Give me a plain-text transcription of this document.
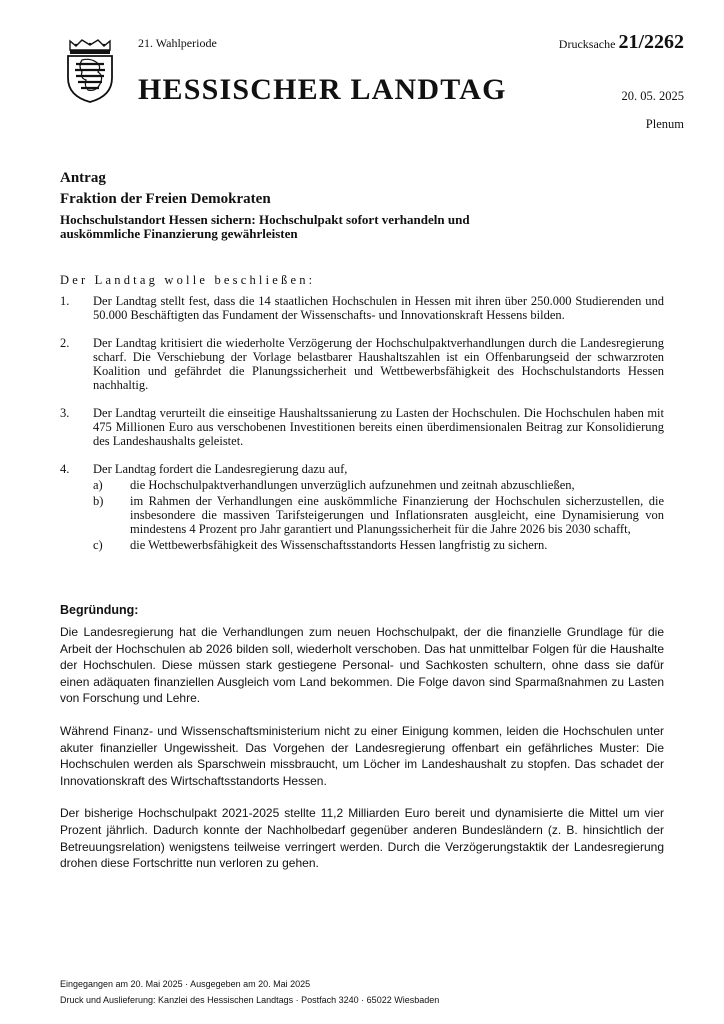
21. Wahlperiode
HESSISCHER LANDTAG
Drucksache 21/2262
20. 05. 2025
Plenum
Antrag
Fraktion der Freien Demokraten
Hochschulstandort Hessen sichern: Hochschulpakt sofort verhandeln und auskömmliche Finanzierung gewährleisten
Der Landtag wolle beschließen:
1.	Der Landtag stellt fest, dass die 14 staatlichen Hochschulen in Hessen mit ihren über 250.000 Studierenden und 50.000 Beschäftigten das Fundament der Wissenschafts- und Innovationskraft Hessens bilden.
2.	Der Landtag kritisiert die wiederholte Verzögerung der Hochschulpaktverhandlungen durch die Landesregierung scharf. Die Verschiebung der Vorlage belastbarer Haushaltszahlen ist ein Offenbarungseid der schwarzroten Koalition und gefährdet die Planungssicherheit und Wettbewerbsfähigkeit des Hochschulstandorts Hessen nachhaltig.
3.	Der Landtag verurteilt die einseitige Haushaltssanierung zu Lasten der Hochschulen. Die Hochschulen haben mit 475 Millionen Euro aus verschobenen Investitionen bereits einen überdimensionalen Beitrag zur Konsolidierung des Landeshaushalts geleistet.
4.	Der Landtag fordert die Landesregierung dazu auf,
a)	die Hochschulpaktverhandlungen unverzüglich aufzunehmen und zeitnah abzuschließen,
b)	im Rahmen der Verhandlungen eine auskömmliche Finanzierung der Hochschulen sicherzustellen, die insbesondere die massiven Tarifsteigerungen und Inflationsraten ausgleicht, eine Dynamisierung von mindestens 4 Prozent pro Jahr garantiert und Planungssicherheit für die Jahre 2026 bis 2030 schafft,
c)	die Wettbewerbsfähigkeit des Wissenschaftsstandorts Hessen langfristig zu sichern.
Begründung:

Die Landesregierung hat die Verhandlungen zum neuen Hochschulpakt, der die finanzielle Grundlage für die Arbeit der Hochschulen ab 2026 bilden soll, wiederholt verschoben. Das hat unmittelbar Folgen für die Haushalte der Hochschulen. Diese müssen stark gestiegene Personal- und Sachkosten schultern, ohne dass sie dafür einen adäquaten finanziellen Ausgleich vom Land bekommen. Die Folge davon sind Sparmaßnahmen zu Lasten von Forschung und Lehre.

Während Finanz- und Wissenschaftsministerium nicht zu einer Einigung kommen, leiden die Hochschulen unter akuter finanzieller Ungewissheit. Das Vorgehen der Landesregierung offenbart ein gefährliches Muster: Die Hochschulen werden als Sparschwein missbraucht, um Löcher im Landeshaushalt zu stopfen. Das schadet der Innovationskraft des Wirtschaftsstandorts Hessen.

Der bisherige Hochschulpakt 2021-2025 stellte 11,2 Milliarden Euro bereit und dynamisierte die Mittel um vier Prozent jährlich. Dadurch konnte der Nachholbedarf gegenüber anderen Bundesländern (z. B. hinsichtlich der Betreuungsrelation) wenigstens teilweise verringert werden. Durch die Verzögerungstaktik der Landesregierung drohen diese Fortschritte nun verloren zu gehen.

Eingegangen am 20. Mai 2025 · Ausgegeben am 20. Mai 2025
Druck und Auslieferung: Kanzlei des Hessischen Landtags · Postfach 3240 · 65022 Wiesbaden
